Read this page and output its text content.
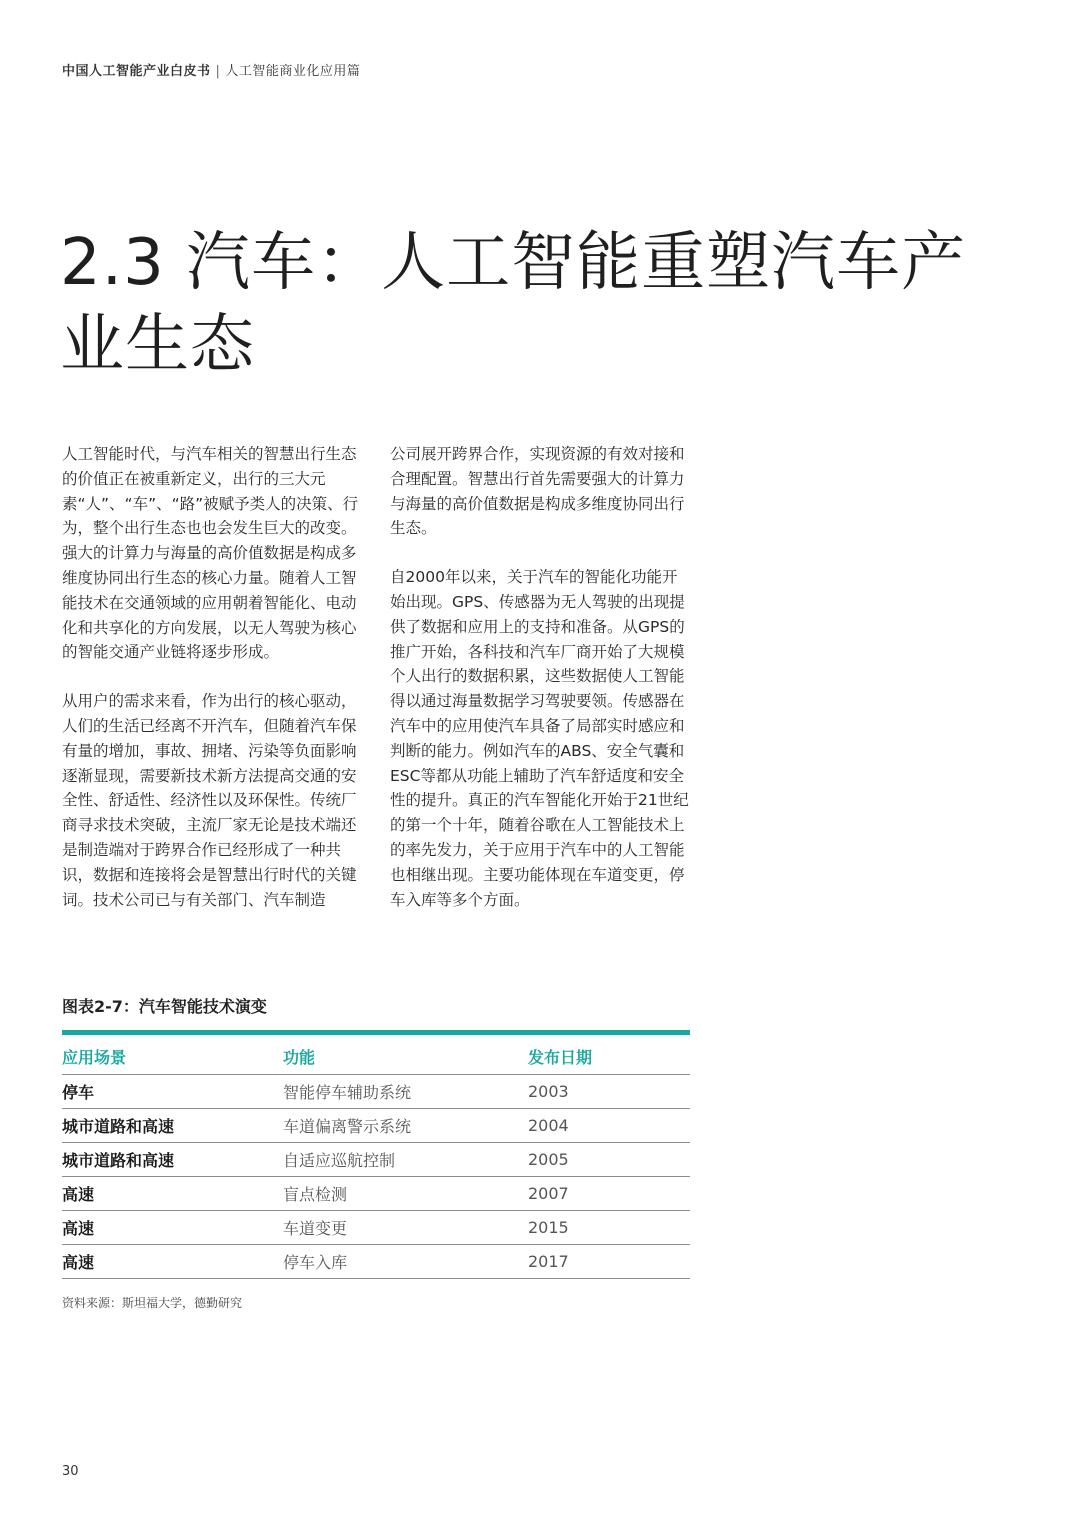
中国人工智能产业白皮书 | 人工智能商业化应用篇
2.3 汽车：人工智能重塑汽车产业生态

人工智能时代，与汽车相关的智慧出行生态的价值正在被重新定义，出行的三大元素“人”、“车”、“路”被赋予类人的决策、行为，整个出行生态也也会发生巨大的改变。强大的计算力与海量的高价值数据是构成多维度协同出行生态的核心力量。随着人工智能技术在交通领域的应用朝着智能化、电动化和共享化的方向发展，以无人驾驶为核心的智能交通产业链将逐步形成。

从用户的需求来看，作为出行的核心驱动，人们的生活已经离不开汽车，但随着汽车保有量的增加，事故、拥堵、污染等负面影响逐渐显现，需要新技术新方法提高交通的安全性、舒适性、经济性以及环保性。传统厂商寻求技术突破，主流厂家无论是技术端还是制造端对于跨界合作已经形成了一种共识，数据和连接将会是智慧出行时代的关键词。技术公司已与有关部门、汽车制造

公司展开跨界合作，实现资源的有效对接和合理配置。智慧出行首先需要强大的计算力与海量的高价值数据是构成多维度协同出行生态。

自2000年以来，关于汽车的智能化功能开始出现。GPS、传感器为无人驾驶的出现提供了数据和应用上的支持和准备。从GPS的推广开始，各科技和汽车厂商开始了大规模个人出行的数据积累，这些数据使人工智能得以通过海量数据学习驾驶要领。传感器在汽车中的应用使汽车具备了局部实时感应和判断的能力。例如汽车的ABS、安全气囊和ESC等都从功能上辅助了汽车舒适度和安全性的提升。真正的汽车智能化开始于21世纪的第一个十年，随着谷歌在人工智能技术上的率先发力，关于应用于汽车中的人工智能也相继出现。主要功能体现在车道变更，停车入库等多个方面。

图表2-7：汽车智能技术演变
应用场景	功能	发布日期
停车	智能停车辅助系统	2003
城市道路和高速	车道偏离警示系统	2004
城市道路和高速	自适应巡航控制	2005
高速	盲点检测	2007
高速	车道变更	2015
高速	停车入库	2017
资料来源：斯坦福大学，德勤研究
30
